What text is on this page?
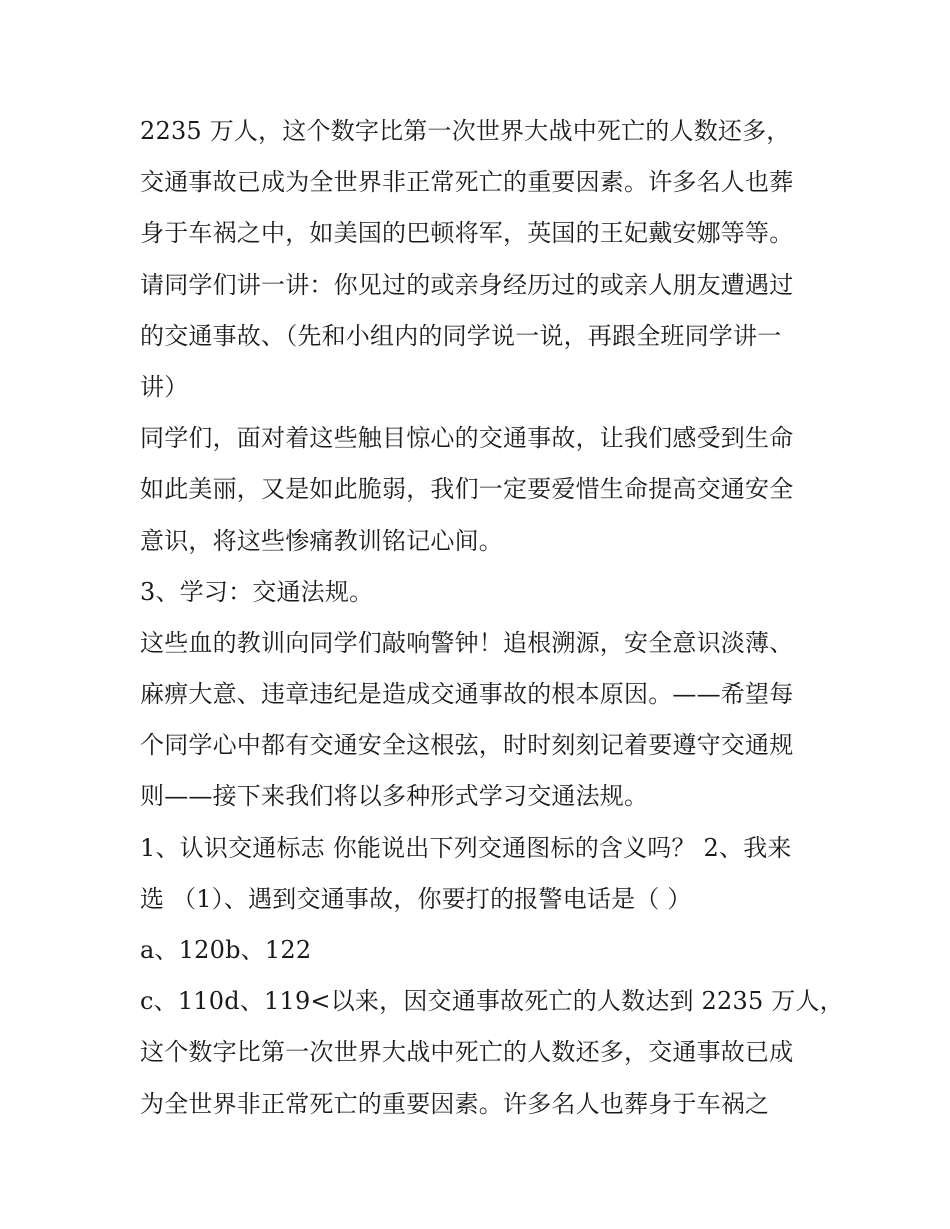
2235 万人，这个数字比第一次世界大战中死亡的人数还多，
交通事故已成为全世界非正常死亡的重要因素。许多名人也葬
身于车祸之中，如美国的巴顿将军，英国的王妃戴安娜等等。
请同学们讲一讲：你见过的或亲身经历过的或亲人朋友遭遇过
的交通事故、（先和小组内的同学说一说，再跟全班同学讲一
讲）
同学们，面对着这些触目惊心的交通事故，让我们感受到生命
如此美丽，又是如此脆弱，我们一定要爱惜生命提高交通安全
意识，将这些惨痛教训铭记心间。
3、学习：交通法规。
这些血的教训向同学们敲响警钟！追根溯源，安全意识淡薄、
麻痹大意、违章违纪是造成交通事故的根本原因。——希望每
个同学心中都有交通安全这根弦，时时刻刻记着要遵守交通规
则——接下来我们将以多种形式学习交通法规。
1、认识交通标志 你能说出下列交通图标的含义吗？ 2、我来
选 （1）、遇到交通事故，你要打的报警电话是（ ）
a、120b、122
c、110d、119<以来，因交通事故死亡的人数达到 2235 万人，
这个数字比第一次世界大战中死亡的人数还多，交通事故已成
为全世界非正常死亡的重要因素。许多名人也葬身于车祸之
